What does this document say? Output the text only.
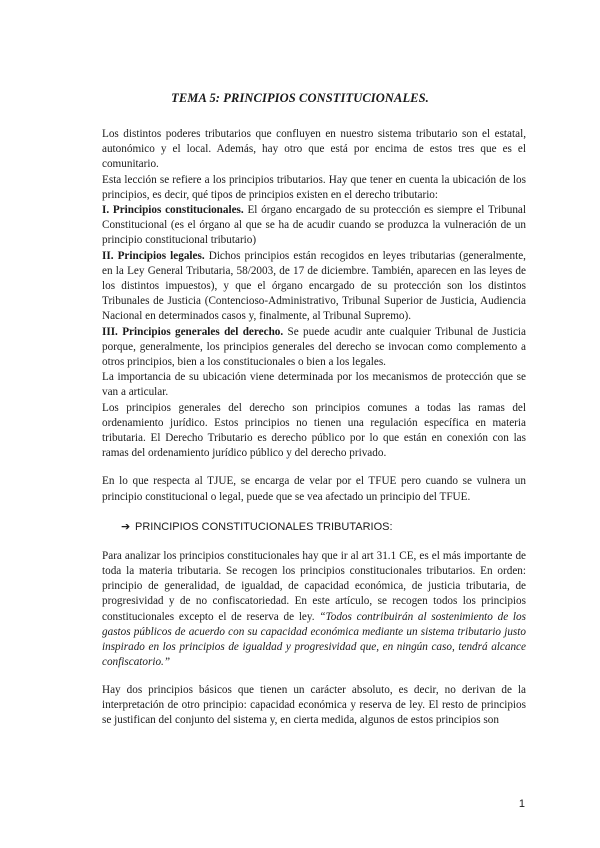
TEMA 5: PRINCIPIOS CONSTITUCIONALES.

Los distintos poderes tributarios que confluyen en nuestro sistema tributario son el estatal, autonómico y el local. Además, hay otro que está por encima de estos tres que es el comunitario.

Esta lección se refiere a los principios tributarios. Hay que tener en cuenta la ubicación de los principios, es decir, qué tipos de principios existen en el derecho tributario:

I. Principios constitucionales. El órgano encargado de su protección es siempre el Tribunal Constitucional (es el órgano al que se ha de acudir cuando se produzca la vulneración de un principio constitucional tributario)

II. Principios legales. Dichos principios están recogidos en leyes tributarias (generalmente, en la Ley General Tributaria, 58/2003, de 17 de diciembre. También, aparecen en las leyes de los distintos impuestos), y que el órgano encargado de su protección son los distintos Tribunales de Justicia (Contencioso-Administrativo, Tribunal Superior de Justicia, Audiencia Nacional en determinados casos y, finalmente, al Tribunal Supremo).

III. Principios generales del derecho. Se puede acudir ante cualquier Tribunal de Justicia porque, generalmente, los principios generales del derecho se invocan como complemento a otros principios, bien a los constitucionales o bien a los legales.

La importancia de su ubicación viene determinada por los mecanismos de protección que se van a articular.

Los principios generales del derecho son principios comunes a todas las ramas del ordenamiento jurídico. Estos principios no tienen una regulación específica en materia tributaria. El Derecho Tributario es derecho público por lo que están en conexión con las ramas del ordenamiento jurídico público y del derecho privado.

En lo que respecta al TJUE, se encarga de velar por el TFUE pero cuando se vulnera un principio constitucional o legal, puede que se vea afectado un principio del TFUE.

➔ PRINCIPIOS CONSTITUCIONALES TRIBUTARIOS:

Para analizar los principios constitucionales hay que ir al art 31.1 CE, es el más importante de toda la materia tributaria. Se recogen los principios constitucionales tributarios. En orden: principio de generalidad, de igualdad, de capacidad económica, de justicia tributaria, de progresividad y de no confiscatoriedad. En este artículo, se recogen todos los principios constitucionales excepto el de reserva de ley. “Todos contribuirán al sostenimiento de los gastos públicos de acuerdo con su capacidad económica mediante un sistema tributario justo inspirado en los principios de igualdad y progresividad que, en ningún caso, tendrá alcance confiscatorio.”

Hay dos principios básicos que tienen un carácter absoluto, es decir, no derivan de la interpretación de otro principio: capacidad económica y reserva de ley. El resto de principios se justifican del conjunto del sistema y, en cierta medida, algunos de estos principios son

1
